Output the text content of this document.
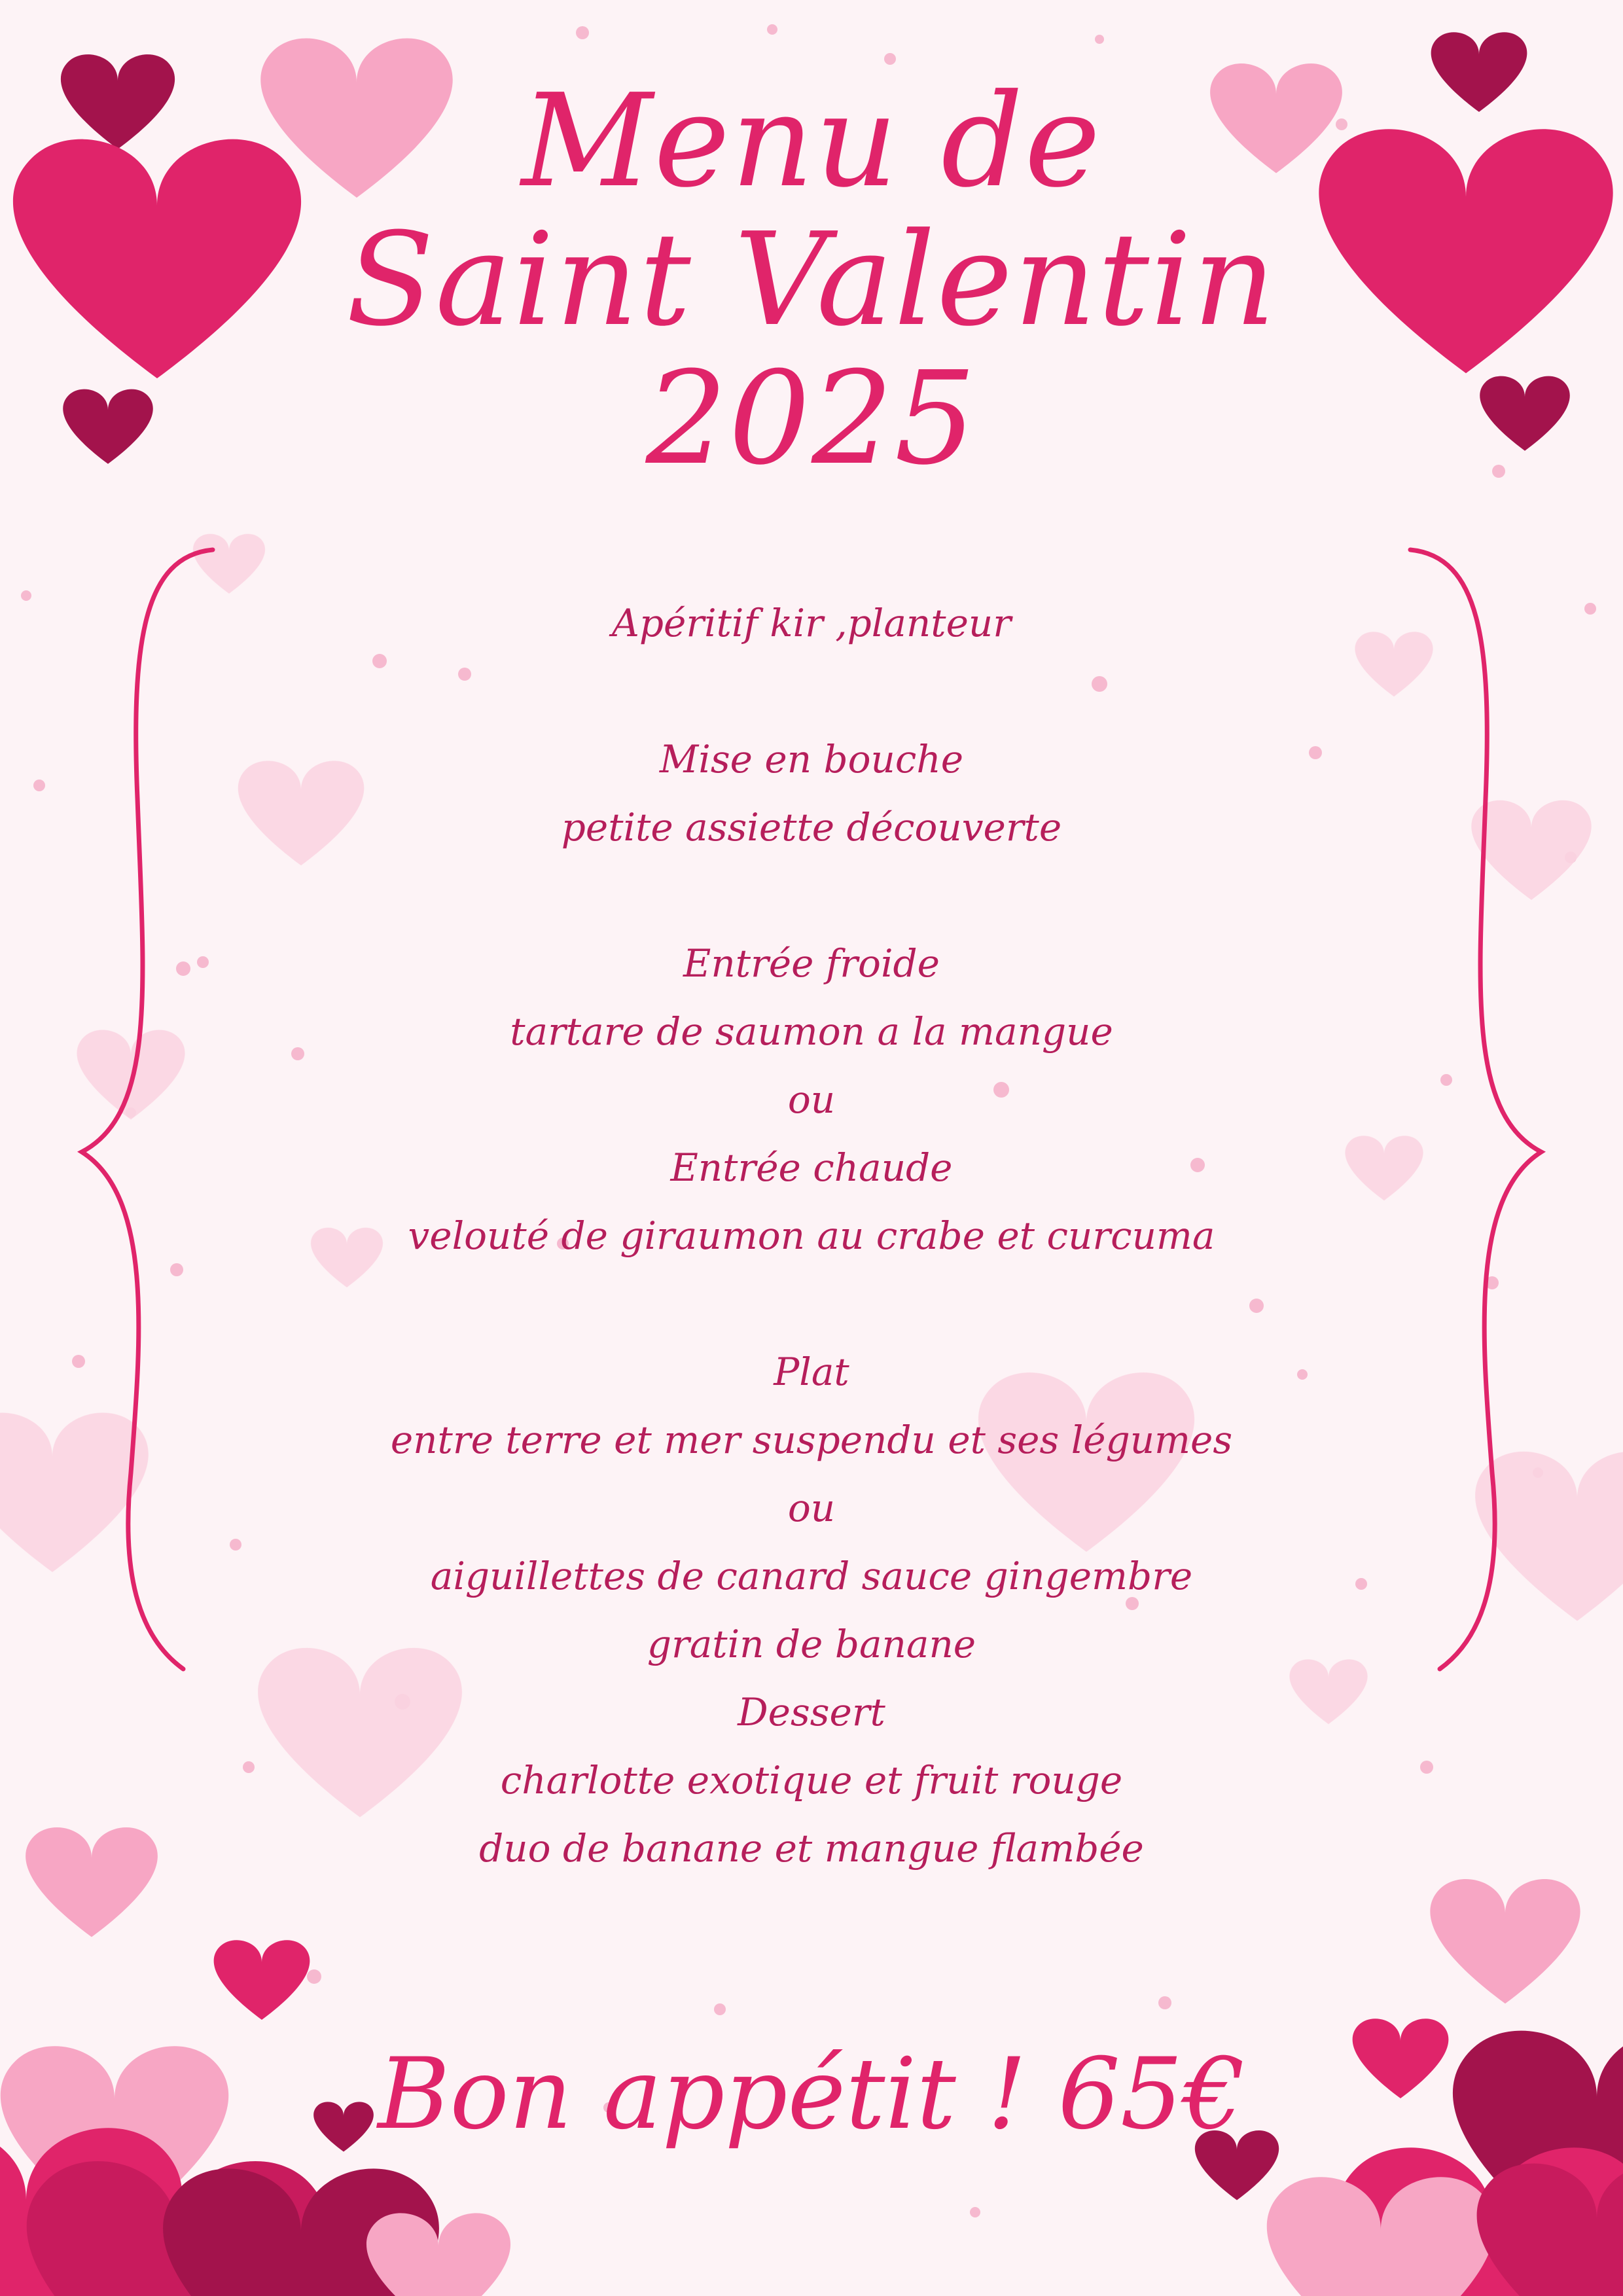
Menu de
Saint Valentin
2025
Apéritif kir ,planteur
Mise en bouche
petite assiette découverte
Entrée froide
tartare de saumon a la mangue
ou
Entrée chaude
velouté de giraumon au crabe et curcuma
Plat
entre terre et mer suspendu et ses légumes
ou
aiguillettes de canard sauce gingembre
gratin de banane
Dessert
charlotte exotique et fruit rouge
duo de banane et mangue flambée
Bon appétit ! 65€
